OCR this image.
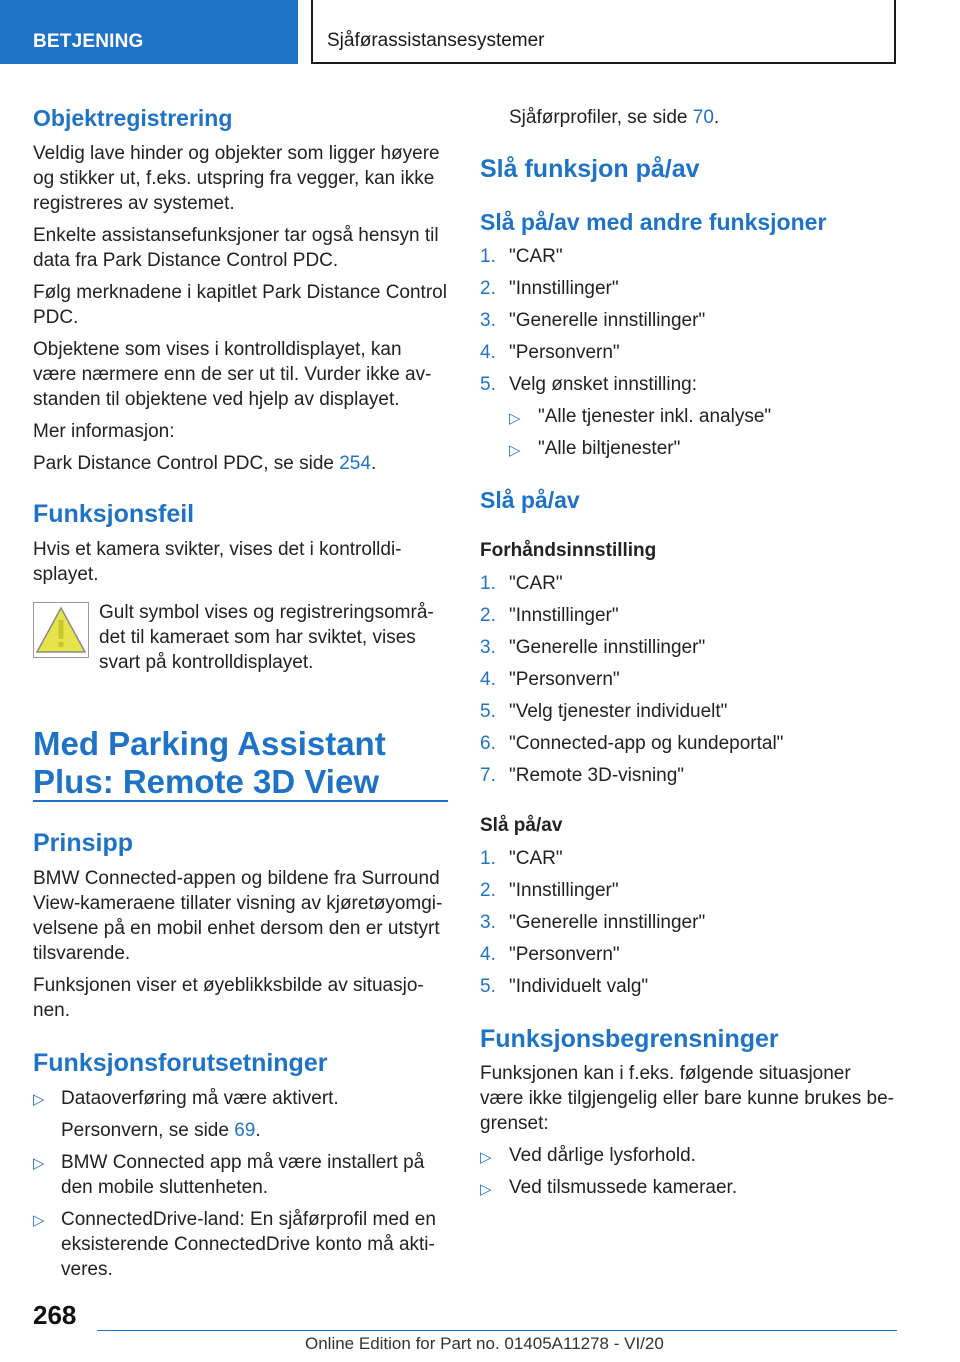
BETJENING	Sjåførassistansesystemer
Objektregistrering
Veldig lave hinder og objekter som ligger høyere
og stikker ut, f.eks. utspring fra vegger, kan ikke
registreres av systemet.
Enkelte assistansefunksjoner tar også hensyn til
data fra Park Distance Control PDC.
Følg merknadene i kapitlet Park Distance Control
PDC.
Objektene som vises i kontrolldisplayet, kan
være nærmere enn de ser ut til. Vurder ikke av-
standen til objektene ved hjelp av displayet.
Mer informasjon:
Park Distance Control PDC, se side 254.
Funksjonsfeil
Hvis et kamera svikter, vises det i kontrolldi-
splayet.
Gult symbol vises og registreringsområ-
det til kameraet som har sviktet, vises
svart på kontrolldisplayet.
Med Parking Assistant
Plus: Remote 3D View
Prinsipp
BMW Connected-appen og bildene fra Surround
View-kameraene tillater visning av kjøretøyomgi-
velsene på en mobil enhet dersom den er utstyrt
tilsvarende.
Funksjonen viser et øyeblikksbilde av situasjo-
nen.
Funksjonsforutsetninger
▷ Dataoverføring må være aktivert.
Personvern, se side 69.
▷ BMW Connected app må være installert på
den mobile sluttenheten.
▷ ConnectedDrive-land: En sjåførprofil med en
eksisterende ConnectedDrive konto må akti-
veres.
Sjåførprofiler, se side 70.
Slå funksjon på/av
Slå på/av med andre funksjoner
1. "CAR"
2. "Innstillinger"
3. "Generelle innstillinger"
4. "Personvern"
5. Velg ønsket innstilling:
▷ "Alle tjenester inkl. analyse"
▷ "Alle biltjenester"
Slå på/av
Forhåndsinnstilling
1. "CAR"
2. "Innstillinger"
3. "Generelle innstillinger"
4. "Personvern"
5. "Velg tjenester individuelt"
6. "Connected-app og kundeportal"
7. "Remote 3D-visning"
Slå på/av
1. "CAR"
2. "Innstillinger"
3. "Generelle innstillinger"
4. "Personvern"
5. "Individuelt valg"
Funksjonsbegrensninger
Funksjonen kan i f.eks. følgende situasjoner
være ikke tilgjengelig eller bare kunne brukes be-
grenset:
▷ Ved dårlige lysforhold.
▷ Ved tilsmussede kameraer.
268
Online Edition for Part no. 01405A11278 - VI/20
